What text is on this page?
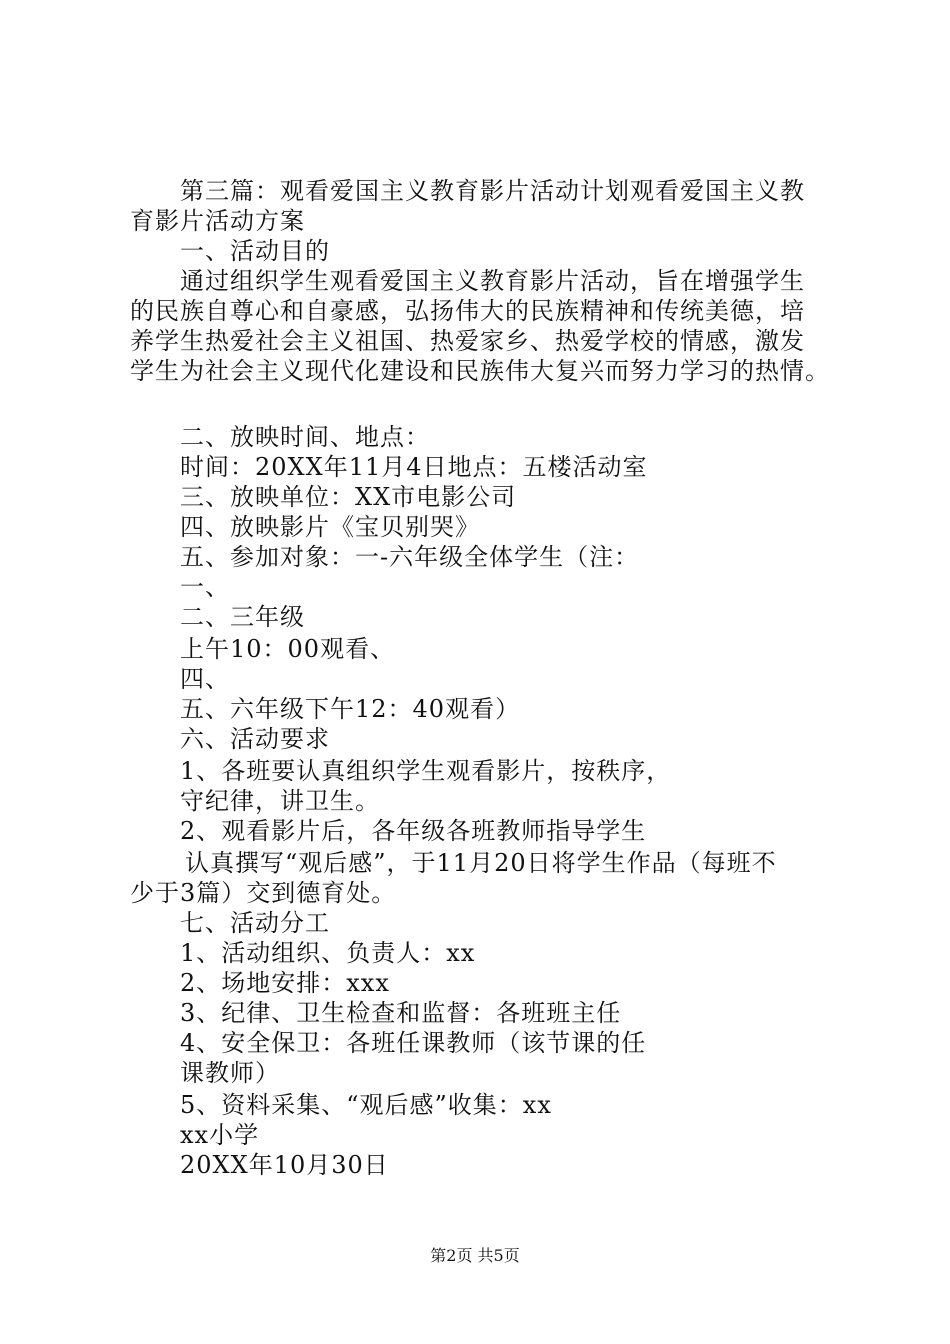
第三篇：观看爱国主义教育影片活动计划观看爱国主义教
育影片活动方案
一、活动目的
通过组织学生观看爱国主义教育影片活动，旨在增强学生
的民族自尊心和自豪感，弘扬伟大的民族精神和传统美德，培
养学生热爱社会主义祖国、热爱家乡、热爱学校的情感，激发
学生为社会主义现代化建设和民族伟大复兴而努力学习的热情。
二、放映时间、地点：
时间：20XX年11月4日地点：五楼活动室
三、放映单位：XX市电影公司
四、放映影片《宝贝别哭》
五、参加对象：一-六年级全体学生（注：
一、
二、三年级
上午10：00观看、
四、
五、六年级下午12：40观看）
六、活动要求
1、各班要认真组织学生观看影片，按秩序，
守纪律，讲卫生。
2、观看影片后，各年级各班教师指导学生
认真撰写“观后感”，于11月20日将学生作品（每班不
少于3篇）交到德育处。
七、活动分工
1、活动组织、负责人：xx
2、场地安排：xxx
3、纪律、卫生检查和监督：各班班主任
4、安全保卫：各班任课教师（该节课的任
课教师）
5、资料采集、“观后感”收集：xx
xx小学
20XX年10月30日
第2页 共5页
